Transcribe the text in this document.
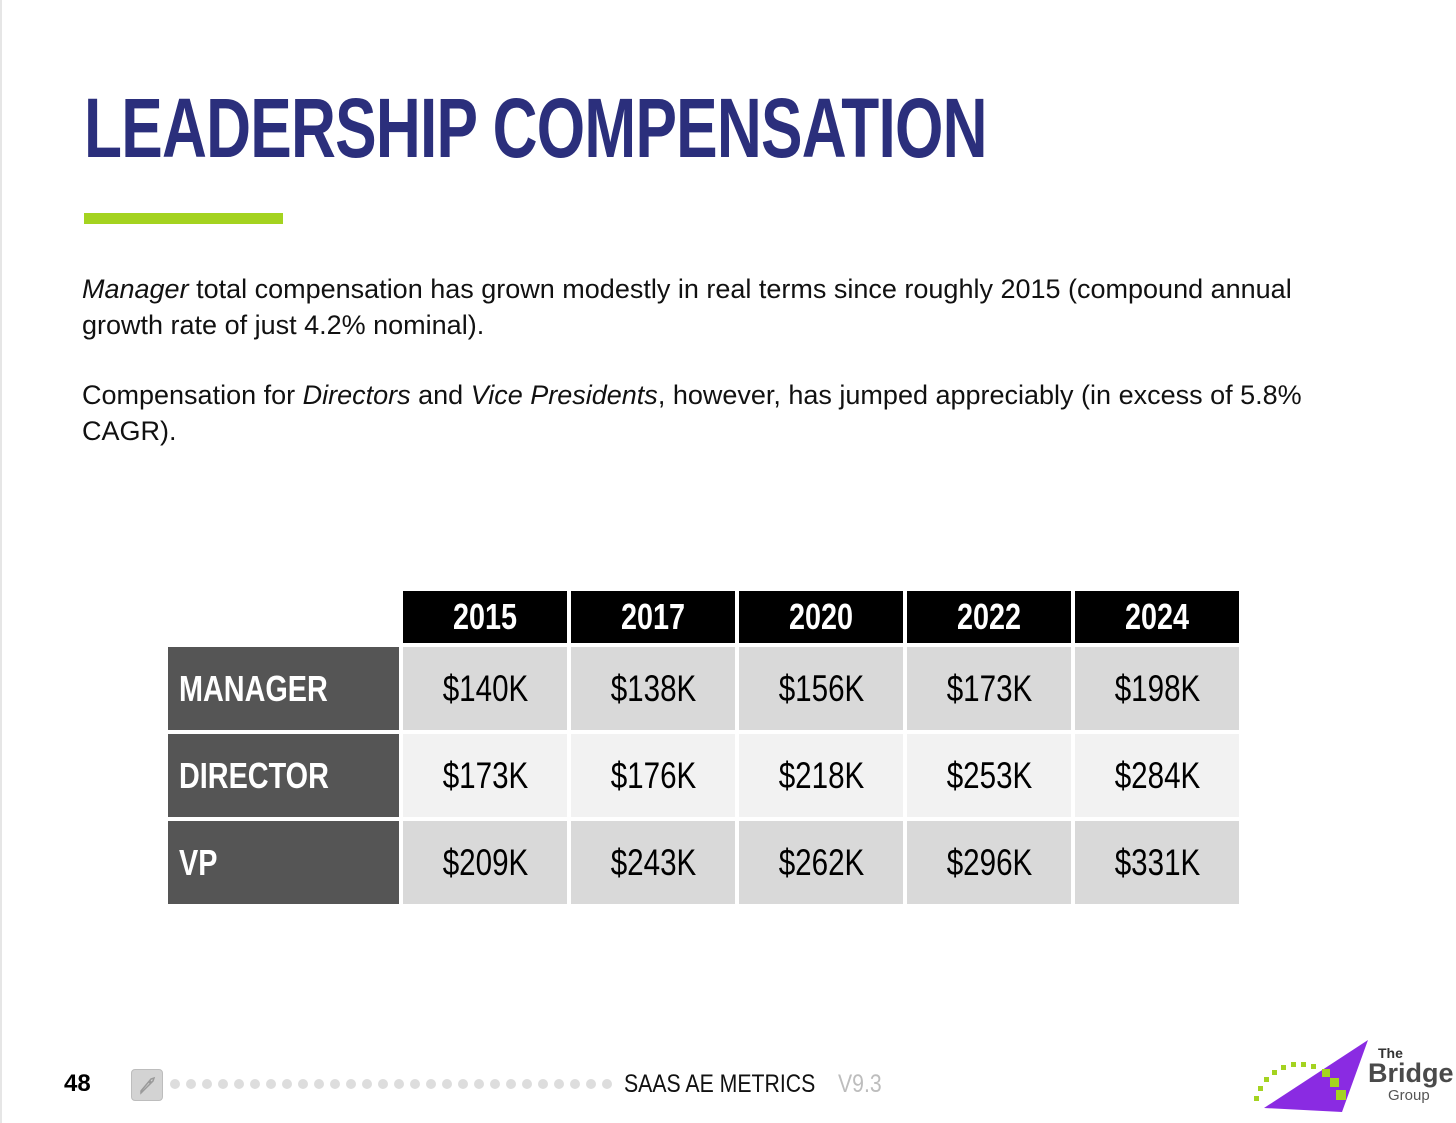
LEADERSHIP COMPENSATION
Manager total compensation has grown modestly in real terms since roughly 2015 (compound annual growth rate of just 4.2% nominal).
Compensation for Directors and Vice Presidents, however, has jumped appreciably (in excess of 5.8% CAGR).
	2015	2017	2020	2022	2024
MANAGER	$140K	$138K	$156K	$173K	$198K
DIRECTOR	$173K	$176K	$218K	$253K	$284K
VP	$209K	$243K	$262K	$296K	$331K
48	SAAS AE METRICS V9.3
The
Bridge
Group
